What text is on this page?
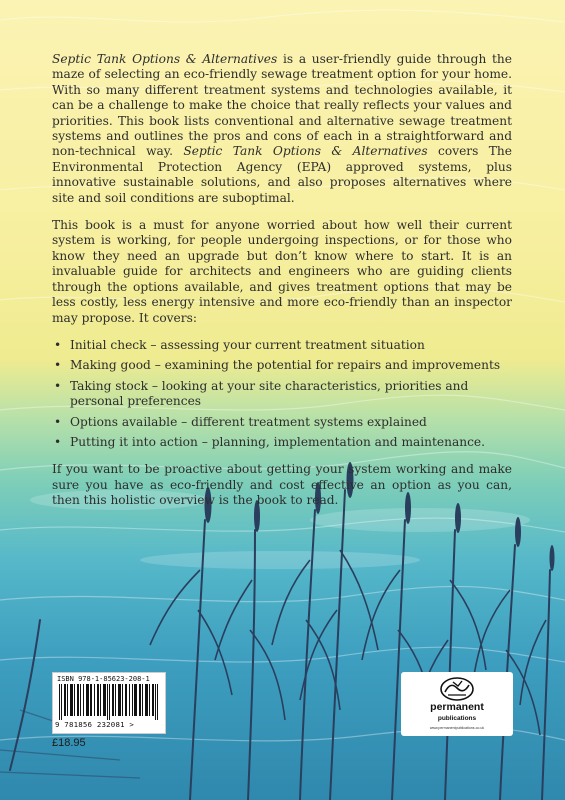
Septic Tank Options & Alternatives is a user-friendly guide through the maze of selecting an eco-friendly sewage treatment option for your home. With so many different treatment systems and technologies available, it can be a challenge to make the choice that really reflects your values and priorities. This book lists conventional and alternative sewage treatment systems and outlines the pros and cons of each in a straightforward and non-technical way. Septic Tank Options & Alternatives covers The Environmental Protection Agency (EPA) approved systems, plus innovative sustainable solutions, and also proposes alternatives where site and soil conditions are suboptimal.

This book is a must for anyone worried about how well their current system is working, for people undergoing inspections, or for those who know they need an upgrade but don’t know where to start. It is an invaluable guide for architects and engineers who are guiding clients through the options available, and gives treatment options that may be less costly, less energy intensive and more eco-friendly than an inspector may propose. It covers:

• Initial check – assessing your current treatment situation
• Making good – examining the potential for repairs and improvements
• Taking stock – looking at your site characteristics, priorities and personal preferences
• Options available – different treatment systems explained
• Putting it into action – planning, implementation and maintenance.

If you want to be proactive about getting your system working and make sure you have as eco-friendly and cost effective an option as you can, then this holistic overview is the book to read.

ISBN 978-1-85623-208-1
9 781856 232081 >
£18.95
permanent
publications
www.permanentpublications.co.uk
